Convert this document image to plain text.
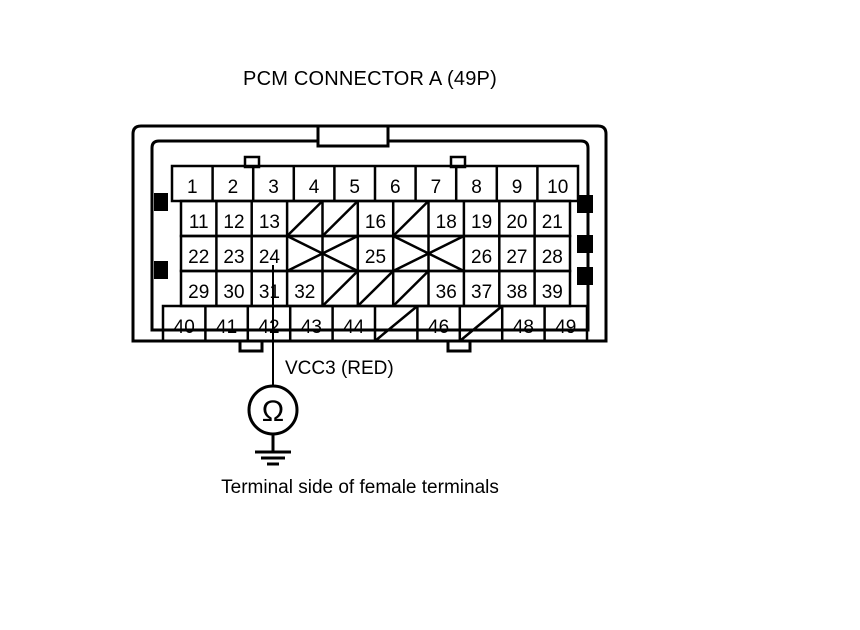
PCM CONNECTOR A (49P)
1 2 3 4 5 6 7 8 9 10
11 12 13	16	18 19 20 21
22 23 24	25	26 27 28
29 30 31 32	36 37 38 39
40 41 42 43 44	46	48 49
Ω
VCC3 (RED)
Terminal side of female terminals
